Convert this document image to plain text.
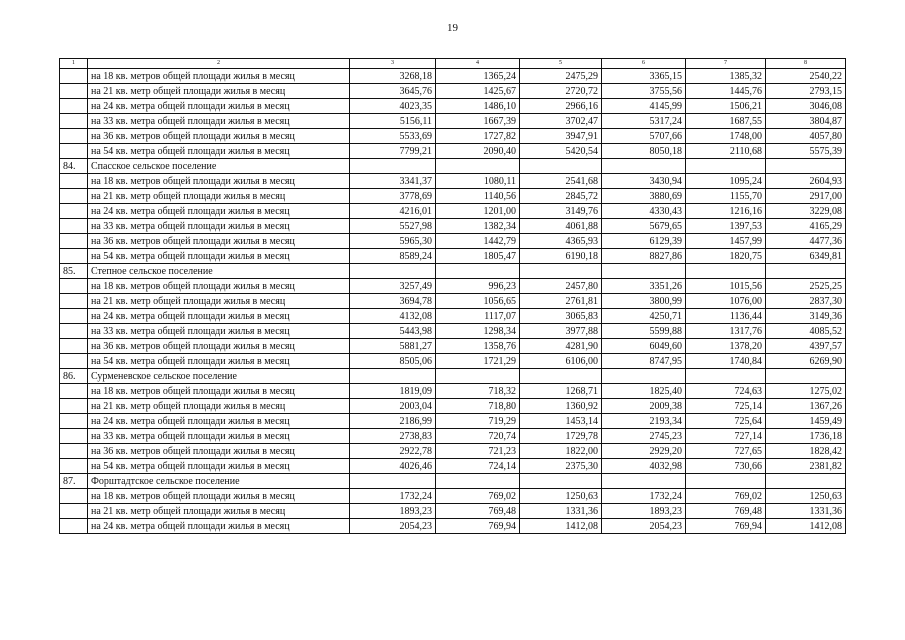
19
1	2	3	4	5	6	7	8
	на 18 кв. метров общей площади жилья в месяц	3268,18	1365,24	2475,29	3365,15	1385,32	2540,22
	на 21 кв. метр общей площади жилья в месяц	3645,76	1425,67	2720,72	3755,56	1445,76	2793,15
	на 24 кв. метра общей площади жилья в месяц	4023,35	1486,10	2966,16	4145,99	1506,21	3046,08
	на 33 кв. метра общей площади жилья в месяц	5156,11	1667,39	3702,47	5317,24	1687,55	3804,87
	на 36 кв. метров общей площади жилья в месяц	5533,69	1727,82	3947,91	5707,66	1748,00	4057,80
	на 54 кв. метра общей площади жилья в месяц	7799,21	2090,40	5420,54	8050,18	2110,68	5575,39
84.	Спасское сельское поселение						
	на 18 кв. метров общей площади жилья в месяц	3341,37	1080,11	2541,68	3430,94	1095,24	2604,93
	на 21 кв. метр общей площади жилья в месяц	3778,69	1140,56	2845,72	3880,69	1155,70	2917,00
	на 24 кв. метра общей площади жилья в месяц	4216,01	1201,00	3149,76	4330,43	1216,16	3229,08
	на 33 кв. метра общей площади жилья в месяц	5527,98	1382,34	4061,88	5679,65	1397,53	4165,29
	на 36 кв. метров общей площади жилья в месяц	5965,30	1442,79	4365,93	6129,39	1457,99	4477,36
	на 54 кв. метра общей площади жилья в месяц	8589,24	1805,47	6190,18	8827,86	1820,75	6349,81
85.	Степное сельское поселение						
	на 18 кв. метров общей площади жилья в месяц	3257,49	996,23	2457,80	3351,26	1015,56	2525,25
	на 21 кв. метр общей площади жилья в месяц	3694,78	1056,65	2761,81	3800,99	1076,00	2837,30
	на 24 кв. метра общей площади жилья в месяц	4132,08	1117,07	3065,83	4250,71	1136,44	3149,36
	на 33 кв. метра общей площади жилья в месяц	5443,98	1298,34	3977,88	5599,88	1317,76	4085,52
	на 36 кв. метров общей площади жилья в месяц	5881,27	1358,76	4281,90	6049,60	1378,20	4397,57
	на 54 кв. метра общей площади жилья в месяц	8505,06	1721,29	6106,00	8747,95	1740,84	6269,90
86.	Сурменевское сельское поселение						
	на 18 кв. метров общей площади жилья в месяц	1819,09	718,32	1268,71	1825,40	724,63	1275,02
	на 21 кв. метр общей площади жилья в месяц	2003,04	718,80	1360,92	2009,38	725,14	1367,26
	на 24 кв. метра общей площади жилья в месяц	2186,99	719,29	1453,14	2193,34	725,64	1459,49
	на 33 кв. метра общей площади жилья в месяц	2738,83	720,74	1729,78	2745,23	727,14	1736,18
	на 36 кв. метров общей площади жилья в месяц	2922,78	721,23	1822,00	2929,20	727,65	1828,42
	на 54 кв. метра общей площади жилья в месяц	4026,46	724,14	2375,30	4032,98	730,66	2381,82
87.	Форштадтское сельское поселение						
	на 18 кв. метров общей площади жилья в месяц	1732,24	769,02	1250,63	1732,24	769,02	1250,63
	на 21 кв. метр общей площади жилья в месяц	1893,23	769,48	1331,36	1893,23	769,48	1331,36
	на 24 кв. метра общей площади жилья в месяц	2054,23	769,94	1412,08	2054,23	769,94	1412,08
